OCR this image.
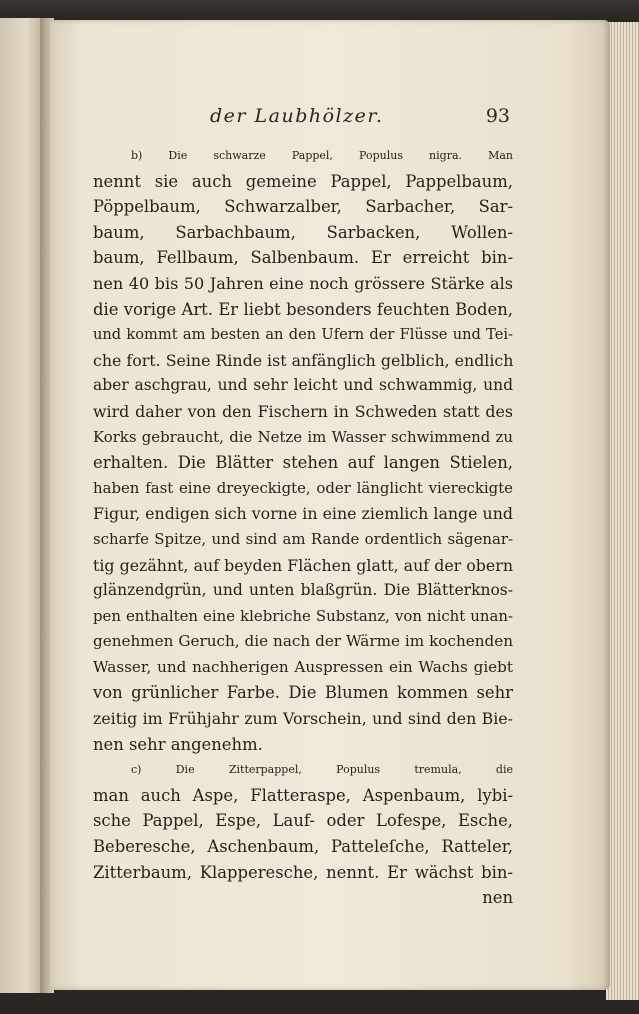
der Laubhölzer.	93
b) Die schwarze Pappel, Populus nigra. Man
nennt sie auch gemeine Pappel, Pappelbaum,
Pöppelbaum, Schwarzalber, Sarbacher, Sar-
baum, Sarbachbaum, Sarbacken, Wollen-
baum, Fellbaum, Salbenbaum. Er erreicht bin-
nen 40 bis 50 Jahren eine noch grössere Stärke als
die vorige Art. Er liebt besonders feuchten Boden,
und kommt am besten an den Ufern der Flüsse und Tei-
che fort. Seine Rinde ist anfänglich gelblich, endlich
aber aschgrau, und sehr leicht und schwammig, und
wird daher von den Fischern in Schweden statt des
Korks gebraucht, die Netze im Wasser schwimmend zu
erhalten. Die Blätter stehen auf langen Stielen,
haben fast eine dreyeckigte, oder länglicht viereckigte
Figur, endigen sich vorne in eine ziemlich lange und
scharfe Spitze, und sind am Rande ordentlich sägenar-
tig gezähnt, auf beyden Flächen glatt, auf der obern
glänzendgrün, und unten blaßgrün. Die Blätterknos-
pen enthalten eine klebriche Substanz, von nicht unan-
genehmen Geruch, die nach der Wärme im kochenden
Wasser, und nachherigen Auspressen ein Wachs giebt
von grünlicher Farbe. Die Blumen kommen sehr
zeitig im Frühjahr zum Vorschein, und sind den Bie-
nen sehr angenehm.
c) Die Zitterpappel, Populus tremula, die
man auch Aspe, Flatteraspe, Aspenbaum, lybi-
sche Pappel, Espe, Lauf- oder Lofespe, Esche,
Beberesche, Aschenbaum, Patteleſche, Ratteler,
Zitterbaum, Klapperesche, nennt. Er wächst bin-
nen
